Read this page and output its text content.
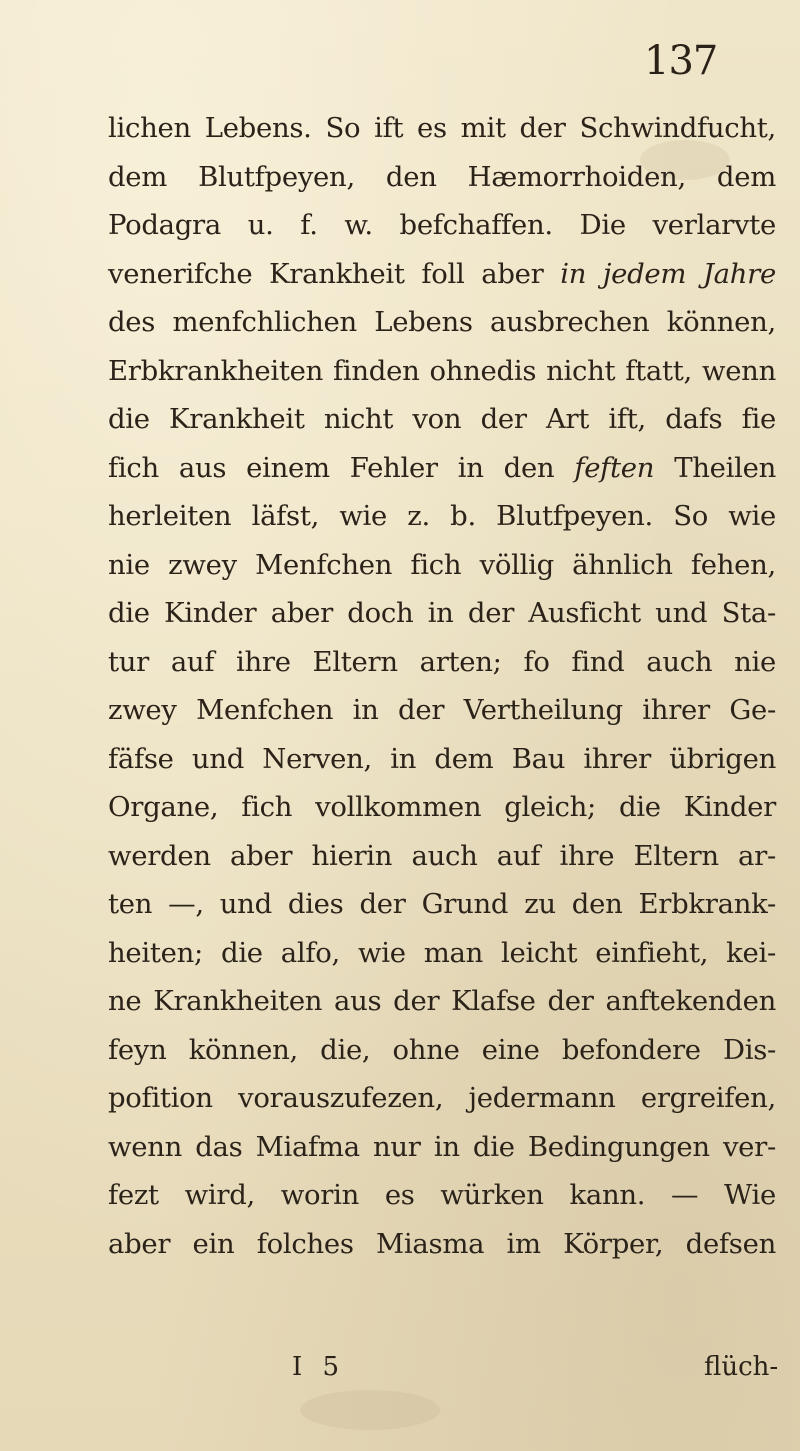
137
lichen Lebens. So ift es mit der Schwindfucht,
dem Blutfpeyen, den Hæmorrhoiden, dem
Podagra u. f. w. befchaffen. Die verlarvte
venerifche Krankheit foll aber in jedem Jahre
des menfchlichen Lebens ausbrechen können,
Erbkrankheiten finden ohnedis nicht ftatt, wenn
die Krankheit nicht von der Art ift, dafs fie
fich aus einem Fehler in den feften Theilen
herleiten läfst, wie z. b. Blutfpeyen. So wie
nie zwey Menfchen fich völlig ähnlich fehen,
die Kinder aber doch in der Ausficht und Sta-
tur auf ihre Eltern arten; fo find auch nie
zwey Menfchen in der Vertheilung ihrer Ge-
fäfse und Nerven, in dem Bau ihrer übrigen
Organe, fich vollkommen gleich; die Kinder
werden aber hierin auch auf ihre Eltern ar-
ten —, und dies der Grund zu den Erbkrank-
heiten; die alfo, wie man leicht einfieht, kei-
ne Krankheiten aus der Klafse der anftekenden
feyn können, die, ohne eine befondere Dis-
pofition vorauszufezen, jedermann ergreifen,
wenn das Miafma nur in die Bedingungen ver-
fezt wird, worin es würken kann. — Wie
aber ein folches Miasma im Körper, defsen
I 5	flüch-
